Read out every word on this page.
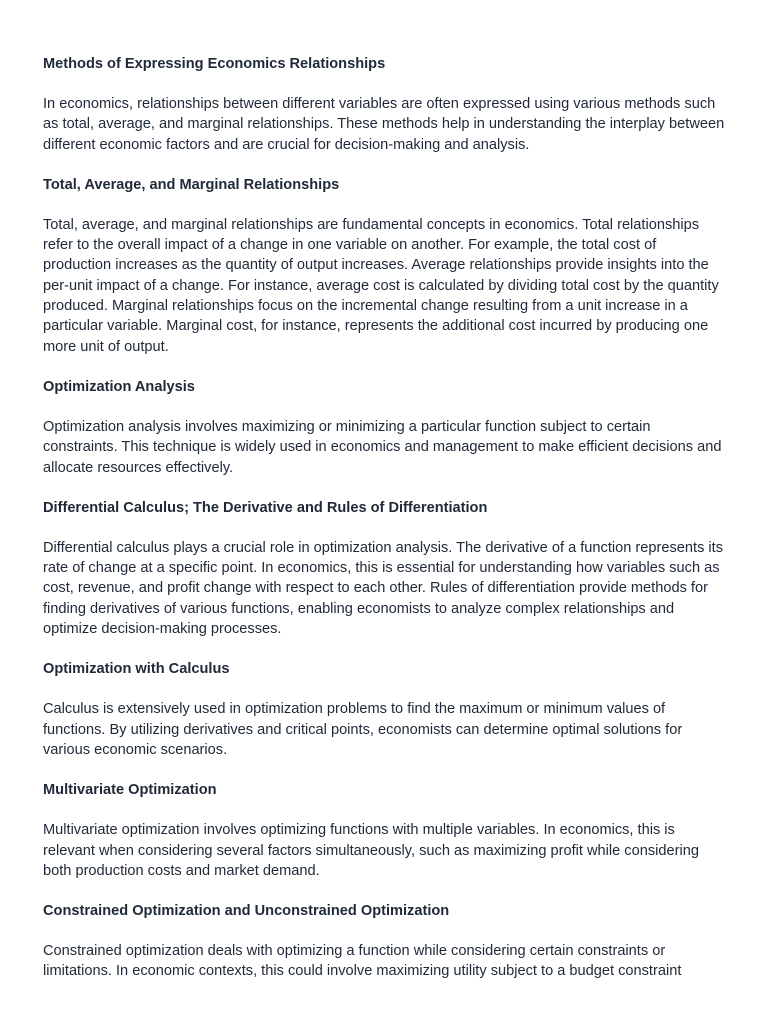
Methods of Expressing Economics Relationships

In economics, relationships between different variables are often expressed using various methods such as total, average, and marginal relationships. These methods help in understanding the interplay between different economic factors and are crucial for decision-making and analysis.

Total, Average, and Marginal Relationships

Total, average, and marginal relationships are fundamental concepts in economics. Total relationships refer to the overall impact of a change in one variable on another. For example, the total cost of production increases as the quantity of output increases. Average relationships provide insights into the per-unit impact of a change. For instance, average cost is calculated by dividing total cost by the quantity produced. Marginal relationships focus on the incremental change resulting from a unit increase in a particular variable. Marginal cost, for instance, represents the additional cost incurred by producing one more unit of output.

Optimization Analysis

Optimization analysis involves maximizing or minimizing a particular function subject to certain constraints. This technique is widely used in economics and management to make efficient decisions and allocate resources effectively.

Differential Calculus; The Derivative and Rules of Differentiation

Differential calculus plays a crucial role in optimization analysis. The derivative of a function represents its rate of change at a specific point. In economics, this is essential for understanding how variables such as cost, revenue, and profit change with respect to each other. Rules of differentiation provide methods for finding derivatives of various functions, enabling economists to analyze complex relationships and optimize decision-making processes.

Optimization with Calculus

Calculus is extensively used in optimization problems to find the maximum or minimum values of functions. By utilizing derivatives and critical points, economists can determine optimal solutions for various economic scenarios.

Multivariate Optimization

Multivariate optimization involves optimizing functions with multiple variables. In economics, this is relevant when considering several factors simultaneously, such as maximizing profit while considering both production costs and market demand.

Constrained Optimization and Unconstrained Optimization

Constrained optimization deals with optimizing a function while considering certain constraints or limitations. In economic contexts, this could involve maximizing utility subject to a budget constraint
